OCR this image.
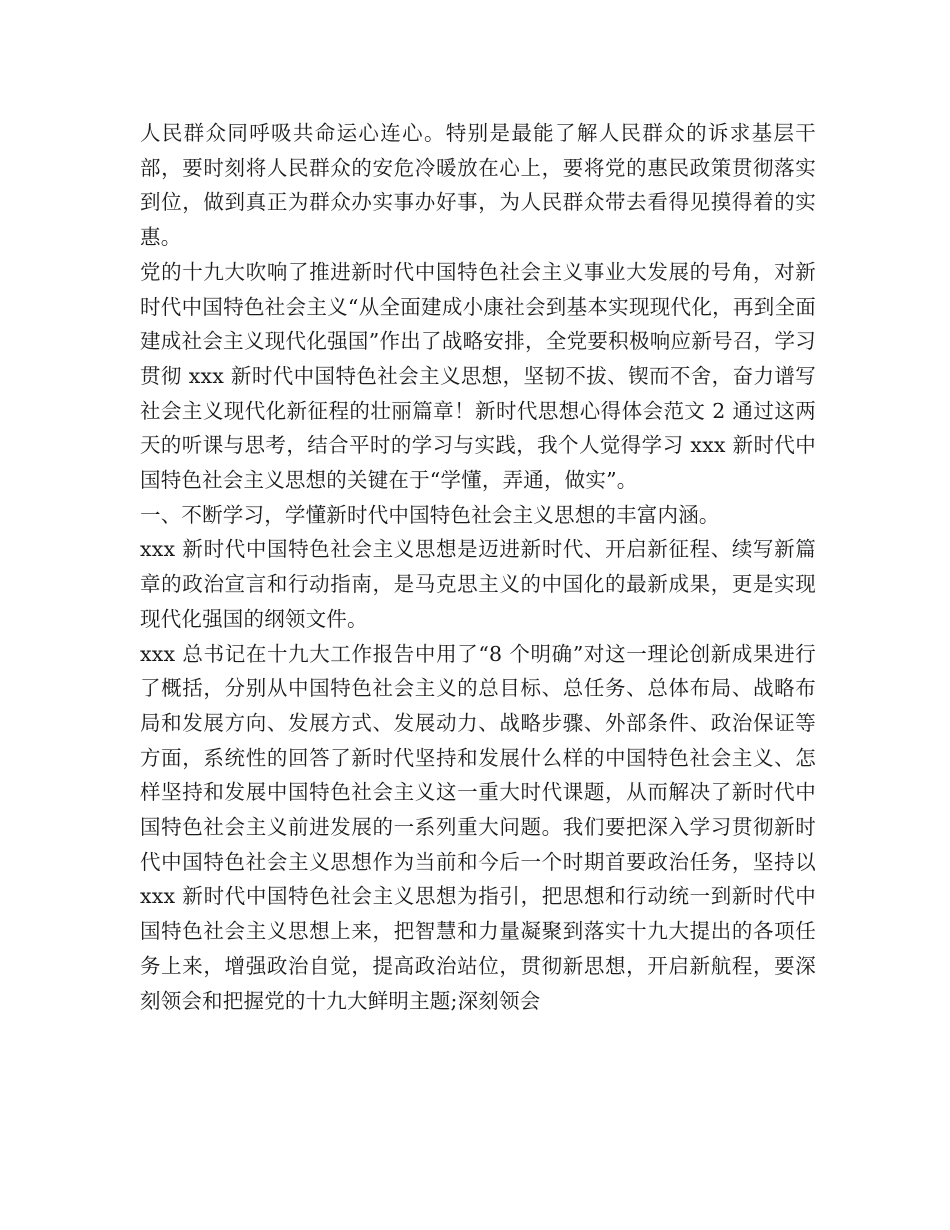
人民群众同呼吸共命运心连心。特别是最能了解人民群众的诉求基层干部，要时刻将人民群众的安危冷暖放在心上，要将党的惠民政策贯彻落实到位，做到真正为群众办实事办好事，为人民群众带去看得见摸得着的实惠。

党的十九大吹响了推进新时代中国特色社会主义事业大发展的号角，对新时代中国特色社会主义“从全面建成小康社会到基本实现现代化，再到全面建成社会主义现代化强国”作出了战略安排，全党要积极响应新号召，学习贯彻 xxx 新时代中国特色社会主义思想，坚韧不拔、锲而不舍，奋力谱写社会主义现代化新征程的壮丽篇章！新时代思想心得体会范文 2 通过这两天的听课与思考，结合平时的学习与实践，我个人觉得学习 xxx 新时代中国特色社会主义思想的关键在于“学懂，弄通，做实”。

一、不断学习，学懂新时代中国特色社会主义思想的丰富内涵。

xxx 新时代中国特色社会主义思想是迈进新时代、开启新征程、续写新篇章的政治宣言和行动指南，是马克思主义的中国化的最新成果，更是实现现代化强国的纲领文件。

xxx 总书记在十九大工作报告中用了“8 个明确”对这一理论创新成果进行了概括，分别从中国特色社会主义的总目标、总任务、总体布局、战略布局和发展方向、发展方式、发展动力、战略步骤、外部条件、政治保证等方面，系统性的回答了新时代坚持和发展什么样的中国特色社会主义、怎样坚持和发展中国特色社会主义这一重大时代课题，从而解决了新时代中国特色社会主义前进发展的一系列重大问题。我们要把深入学习贯彻新时代中国特色社会主义思想作为当前和今后一个时期首要政治任务，坚持以 xxx 新时代中国特色社会主义思想为指引，把思想和行动统一到新时代中国特色社会主义思想上来，把智慧和力量凝聚到落实十九大提出的各项任务上来，增强政治自觉，提高政治站位，贯彻新思想，开启新航程，要深刻领会和把握党的十九大鲜明主题;深刻领会
